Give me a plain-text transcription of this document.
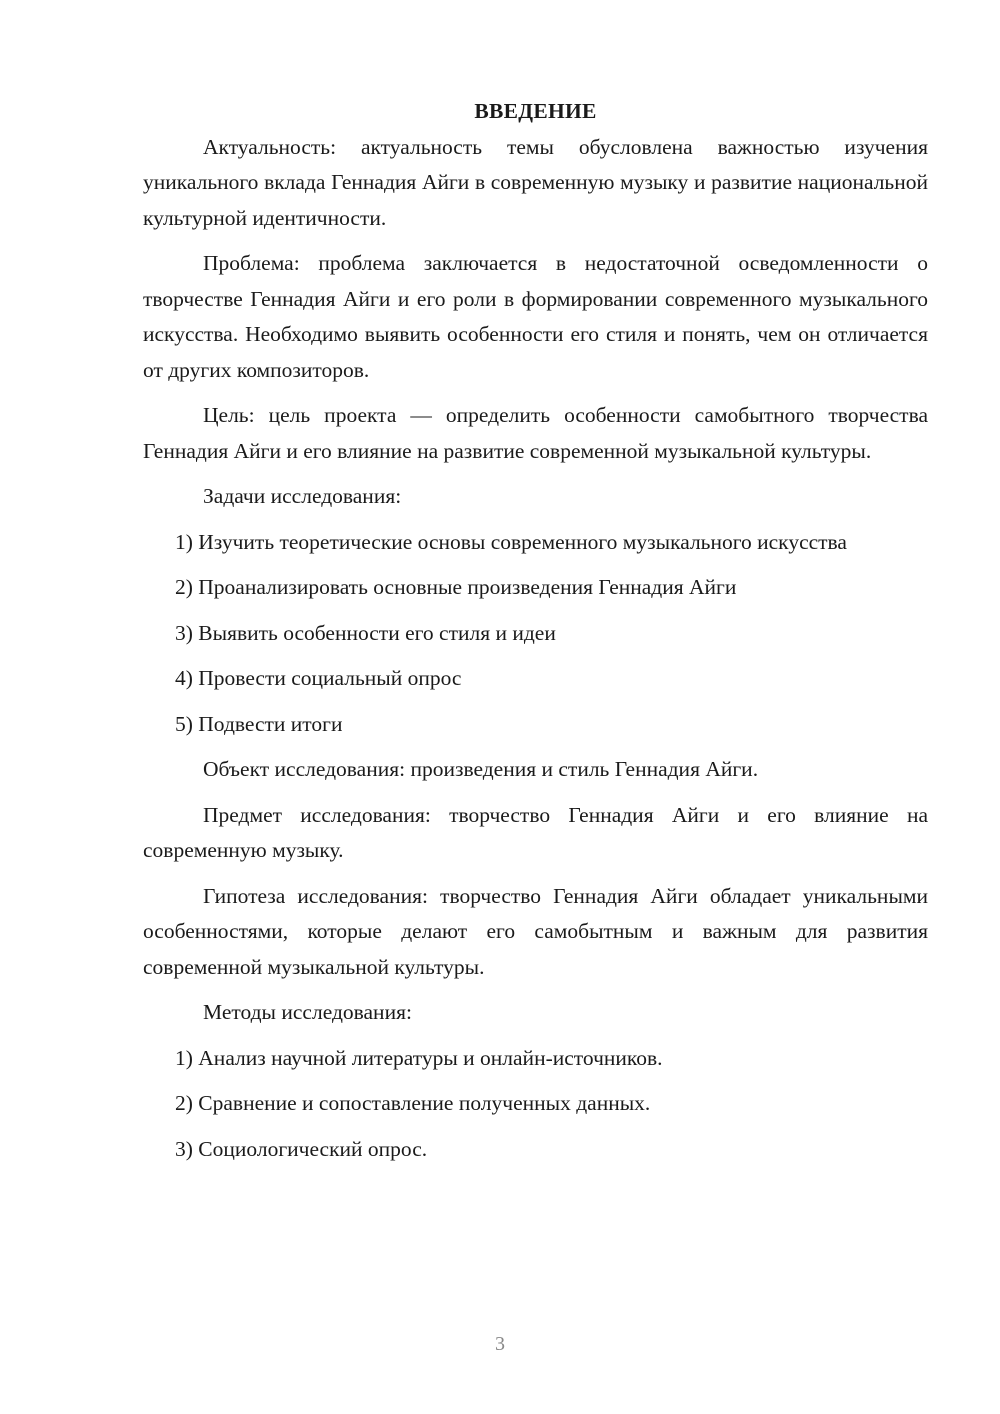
ВВЕДЕНИЕ

Актуальность: актуальность темы обусловлена важностью изучения уникального вклада Геннадия Айги в современную музыку и развитие национальной культурной идентичности.

Проблема: проблема заключается в недостаточной осведомленности о творчестве Геннадия Айги и его роли в формировании современного музыкального искусства. Необходимо выявить особенности его стиля и понять, чем он отличается от других композиторов.

Цель: цель проекта — определить особенности самобытного творчества Геннадия Айги и его влияние на развитие современной музыкальной культуры.

Задачи исследования:

1) Изучить теоретические основы современного музыкального искусства

2) Проанализировать основные произведения Геннадия Айги

3) Выявить особенности его стиля и идеи

4) Провести социальный опрос

5) Подвести итоги

Объект исследования: произведения и стиль Геннадия Айги.

Предмет исследования: творчество Геннадия Айги и его влияние на современную музыку.

Гипотеза исследования: творчество Геннадия Айги обладает уникальными особенностями, которые делают его самобытным и важным для развития современной музыкальной культуры.

Методы исследования:

1) Анализ научной литературы и онлайн-источников.

2) Сравнение и сопоставление полученных данных.

3) Социологический опрос.

3
